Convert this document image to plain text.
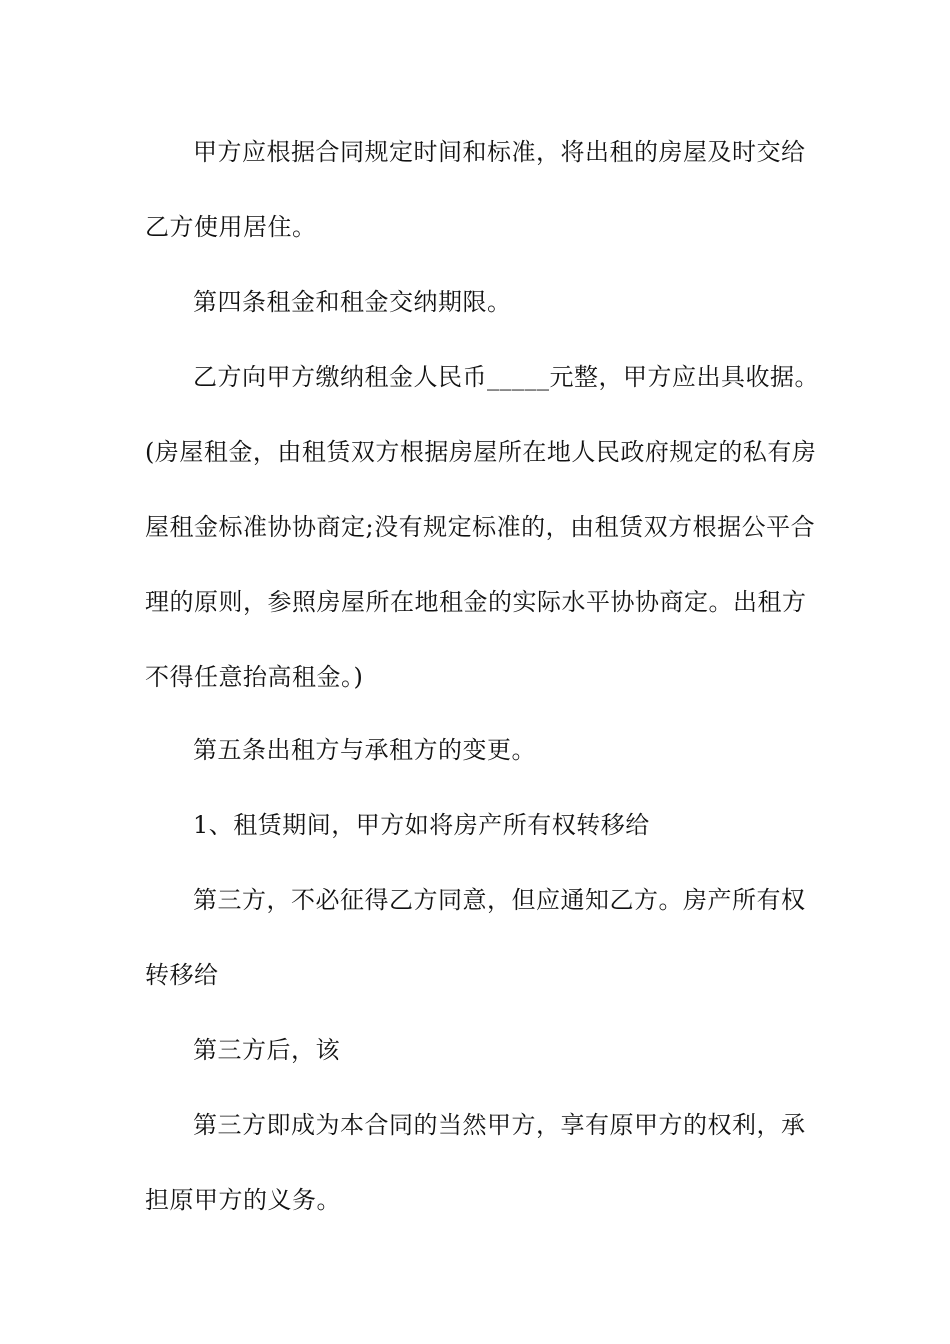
甲方应根据合同规定时间和标准，将出租的房屋及时交给
乙方使用居住。
第四条租金和租金交纳期限。
乙方向甲方缴纳租金人民币_____元整，甲方应出具收据。
(房屋租金，由租赁双方根据房屋所在地人民政府规定的私有房
屋租金标准协协商定;没有规定标准的，由租赁双方根据公平合
理的原则，参照房屋所在地租金的实际水平协协商定。出租方
不得任意抬高租金。)
第五条出租方与承租方的变更。
1、租赁期间，甲方如将房产所有权转移给
第三方，不必征得乙方同意，但应通知乙方。房产所有权
转移给
第三方后，该
第三方即成为本合同的当然甲方，享有原甲方的权利，承
担原甲方的义务。
